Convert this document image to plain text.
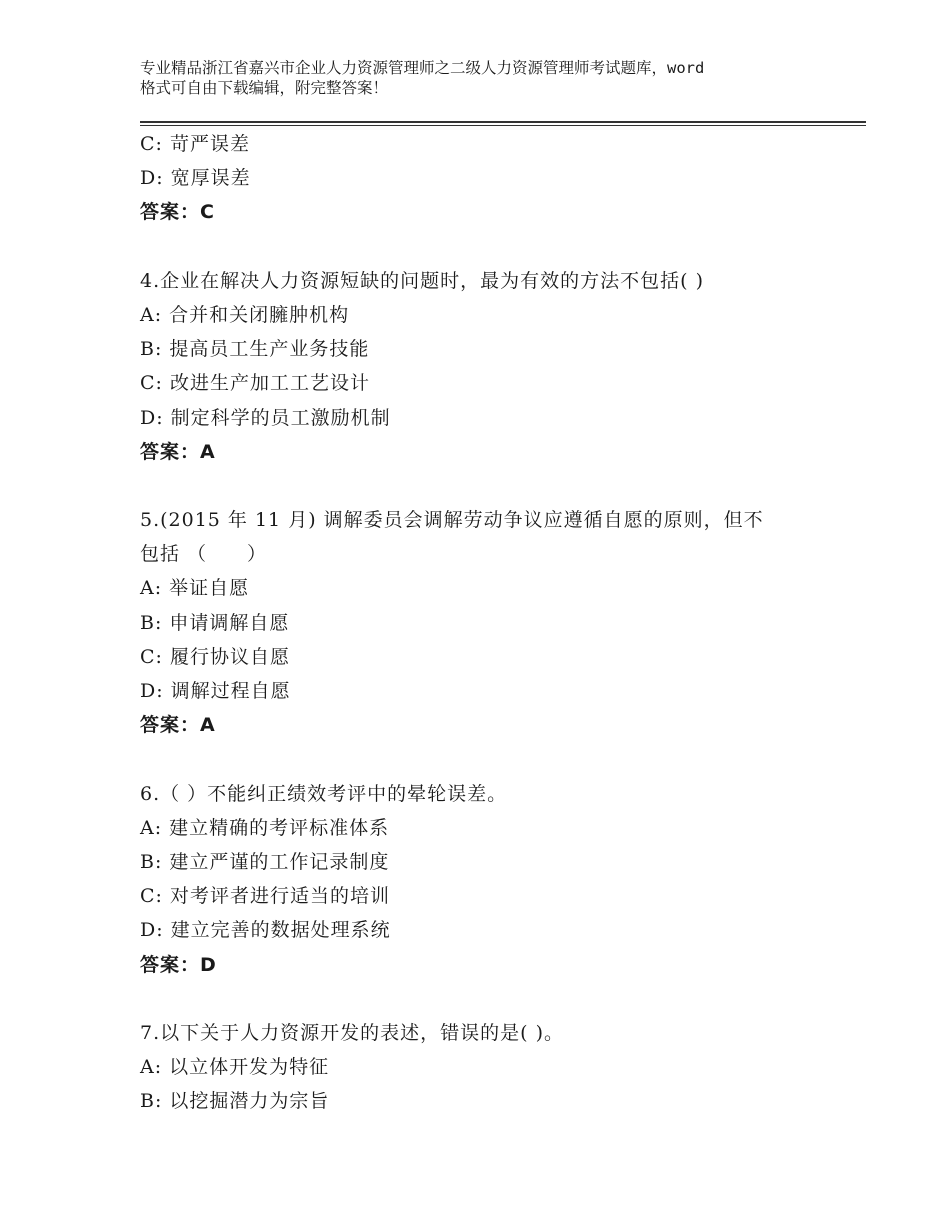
专业精品浙江省嘉兴市企业人力资源管理师之二级人力资源管理师考试题库，word
格式可自由下载编辑，附完整答案！
C: 苛严误差
D: 宽厚误差
答案：C
4.企业在解决人力资源短缺的问题时，最为有效的方法不包括( )
A: 合并和关闭臃肿机构
B: 提高员工生产业务技能
C: 改进生产加工工艺设计
D: 制定科学的员工激励机制
答案：A
5.(2015 年 11 月) 调解委员会调解劳动争议应遵循自愿的原则，但不
包括 （　　）
A: 举证自愿
B: 申请调解自愿
C: 履行协议自愿
D: 调解过程自愿
答案：A
6.（ ）不能纠正绩效考评中的晕轮误差。
A: 建立精确的考评标准体系
B: 建立严谨的工作记录制度
C: 对考评者进行适当的培训
D: 建立完善的数据处理系统
答案：D
7.以下关于人力资源开发的表述，错误的是( )。
A: 以立体开发为特征
B: 以挖掘潜力为宗旨
